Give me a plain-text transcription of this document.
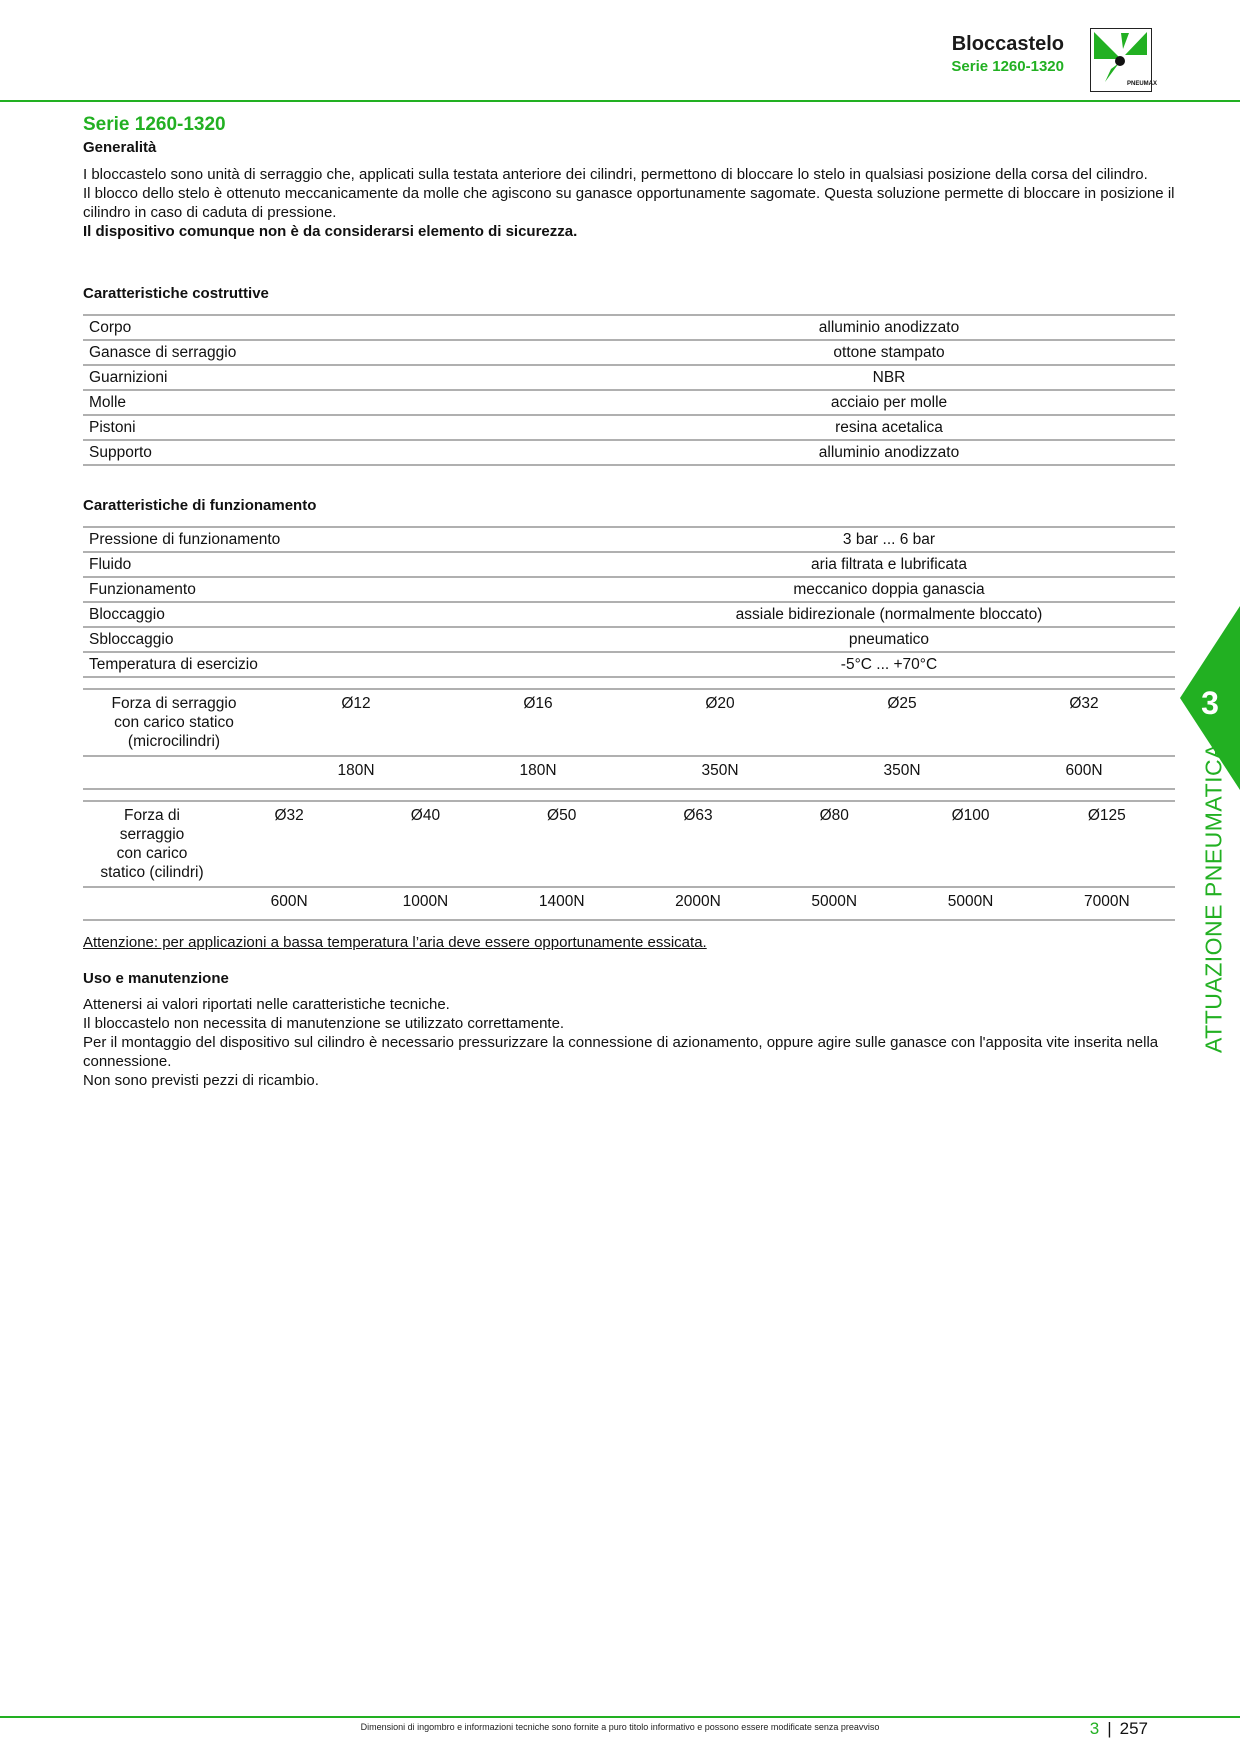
Bloccastelo
Serie 1260-1320
PNEUMAX
Serie 1260-1320
Generalità

I bloccastelo sono unità di serraggio che, applicati sulla testata anteriore dei cilindri, permettono di bloccare lo stelo in qualsiasi posizione della corsa del cilindro.

Il blocco dello stelo è ottenuto meccanicamente da molle che agiscono su ganasce opportunamente sagomate. Questa soluzione permette di bloccare in posizione il cilindro in caso di caduta di pressione.

Il dispositivo comunque non è da considerarsi elemento di sicurezza.

Caratteristiche costruttive
Corpo	alluminio anodizzato
Ganasce di serraggio	ottone stampato
Guarnizioni	NBR
Molle	acciaio per molle
Pistoni	resina acetalica
Supporto	alluminio anodizzato
Caratteristiche di funzionamento
Pressione di funzionamento	3 bar ... 6 bar
Fluido	aria filtrata e lubrificata
Funzionamento	meccanico doppia ganascia
Bloccaggio	assiale bidirezionale (normalmente bloccato)
Sbloccaggio	pneumatico
Temperatura di esercizio	-5°C ... +70°C
Forza di serraggio
con carico statico
(microcilindri)	Ø12	Ø16	Ø20	Ø25	Ø32
	180N	180N	350N	350N	600N
Forza di
serraggio
con carico
statico (cilindri)	Ø32	Ø40	Ø50	Ø63	Ø80	Ø100	Ø125
	600N	1000N	1400N	2000N	5000N	5000N	7000N

Attenzione: per applicazioni a bassa temperatura l’aria deve essere opportunamente essicata.

Uso e manutenzione

Attenersi ai valori riportati nelle caratteristiche tecniche.

Il bloccastelo non necessita di manutenzione se utilizzato correttamente.

Per il montaggio del dispositivo sul cilindro è necessario pressurizzare la connessione di azionamento, oppure agire sulle ganasce con l'apposita vite inserita nella connessione.

Non sono previsti pezzi di ricambio.

3
ATTUAZIONE PNEUMATICA
Dimensioni di ingombro e informazioni tecniche sono fornite a puro titolo informativo e possono essere modificate senza preavviso	3 | 257
